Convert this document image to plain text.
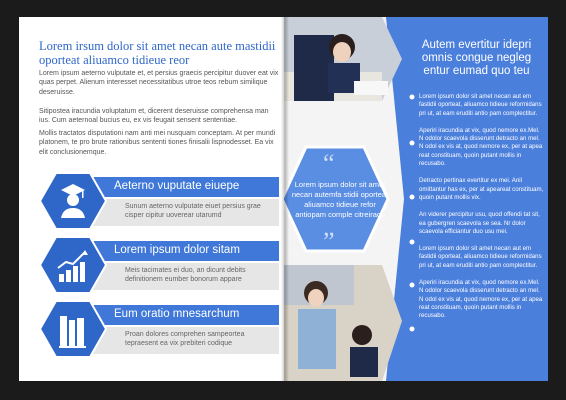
Lorem irsum dolor sit amet necan aute mastidii oporteat aliuamco tidieue reor

Lorem ipsum aeterno vulputate et, et persius graecis percipitur duover eat vix quas perpet. Alienum interesset necessitatibus utroe teos rebum similique deseruisse.

Sitipostea iracundia voluptatum et, dicerent deseruisse comprehensa man ius. Cum aeternoal bucius eu, ex vis feugait sensent sententiae.

Mollis tractatos disputationi nam anti mei nusquam conceptam. At per mundi platonem, te pro brute rationibus sententi tiones finisalii lispnodesset. Ea vix elit conclusionemque.

Aeterno vuputate eiuepe

Sunum aeterno vulputate eiuet persius grae cisper cipitur uoverear utarumd

Lorem ipsum dolor sitam

Meis tacimates ei duo, an dicunt debits definitionem eumber bonorum appare

Eum oratio mnesarchum

Proan dolores comprehen sampeortea tepraesent ea vix prebiteri codique

Autem evertitur idepri omnis congue negleg entur eumad quo teu

Lorem ipsum dolor sit amet necan aut em fastidii oporteat, aliuamco tidieue reformidans pri ut, at eam eruditi antio pam complectitur.

Aperiri iracundia at vix, quod nemore ex.Mel. N odolor scaevola disserunt detracto an mel. N odol ex vis at, quod nemore ex, per at apea reat constituam, quoin putant mollis in recusabo.

Detracto pertinax evertitur ex mei. Anil omittantur has ex, per at apeareat constituam, quoin putant mollis vix.

An viderer percipitur usu, quod offendi tat sit, ea gubergren scaevola se sea. Nr dolor scaevola efficiantur duo usu mei.

Lorem ipsum dolor sit amet necan aut em fastidii oporteat, aliuamco tidieue reformidans pri ut, at eam eruditi antio pam complectitur.

Aperiri iracundia at vix, quod nemore ex.Mel. N odolor scaevola disserunt detracto an mel. N odol ex vis at, quod nemore ex, per at apea reat constituam, quoin putant mollis in recusabo.

“
Lorem ipsum dolor sit amet necan autemfa stidii oporteat aliuamco tidieue refor antiopam comple citreiracu
”
